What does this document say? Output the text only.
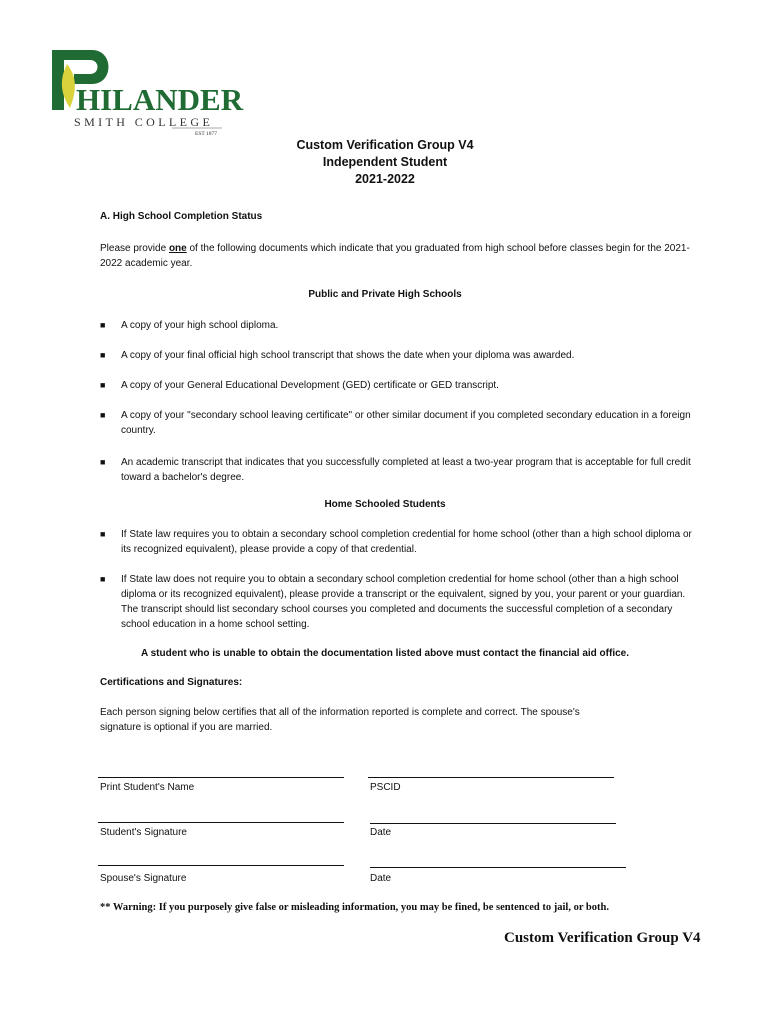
HILANDER
SMITH COLLEGE
EST 1877
Custom Verification Group V4
Independent Student
2021-2022
A. High School Completion Status
Please provide one of the following documents which indicate that you graduated from high school before classes begin for the 2021-2022 academic year.
Public and Private High Schools
■ A copy of your high school diploma.
■ A copy of your final official high school transcript that shows the date when your diploma was awarded.
■ A copy of your General Educational Development (GED) certificate or GED transcript.
■ A copy of your "secondary school leaving certificate" or other similar document if you completed secondary education in a foreign country.
■ An academic transcript that indicates that you successfully completed at least a two-year program that is acceptable for full credit toward a bachelor's degree.
Home Schooled Students
■ If State law requires you to obtain a secondary school completion credential for home school (other than a high school diploma or its recognized equivalent), please provide a copy of that credential.
■ If State law does not require you to obtain a secondary school completion credential for home school (other than a high school diploma or its recognized equivalent), please provide a transcript or the equivalent, signed by you, your parent or your guardian. The transcript should list secondary school courses you completed and documents the successful completion of a secondary school education in a home school setting.
A student who is unable to obtain the documentation listed above must contact the financial aid office.
Certifications and Signatures:
Each person signing below certifies that all of the information reported is complete and correct. The spouse's signature is optional if you are married.
Print Student's Name	PSCID
Student's Signature	Date
Spouse's Signature	Date
** Warning: If you purposely give false or misleading information, you may be fined, be sentenced to jail, or both.
Custom Verification Group V4
